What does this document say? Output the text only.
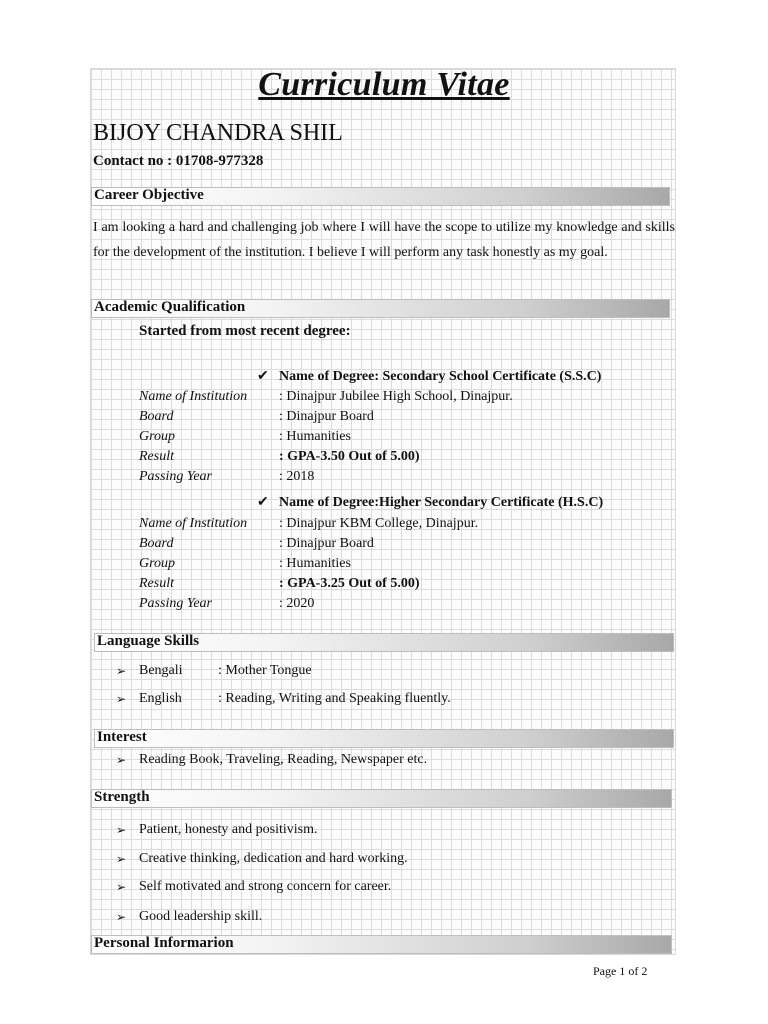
Curriculum Vitae
BIJOY CHANDRA SHIL
Contact no : 01708-977328
Career Objective
I am looking a hard and challenging job where I will have the scope to utilize my knowledge and skills for the development of the institution. I believe I will perform any task honestly as my goal.
Academic Qualification
Started from most recent degree:
✔ Name of Degree: Secondary School Certificate (S.S.C)
Name of Institution : Dinajpur Jubilee High School, Dinajpur.
Board	: Dinajpur Board
Group	: Humanities
Result	: GPA-3.50 Out of 5.00)
Passing Year	: 2018
✔ Name of Degree:Higher Secondary Certificate (H.S.C)
Name of Institution : Dinajpur KBM College, Dinajpur.
Board	: Dinajpur Board
Group	: Humanities
Result	: GPA-3.25 Out of 5.00)
Passing Year	: 2020
Language Skills
➢ Bengali	: Mother Tongue
➢ English	: Reading, Writing and Speaking fluently.
Interest
➢ Reading Book, Traveling, Reading, Newspaper etc.
Strength
➢ Patient, honesty and positivism.
➢ Creative thinking, dedication and hard working.
➢ Self motivated and strong concern for career.
➢ Good leadership skill.
Personal Informarion
Page 1 of 2
